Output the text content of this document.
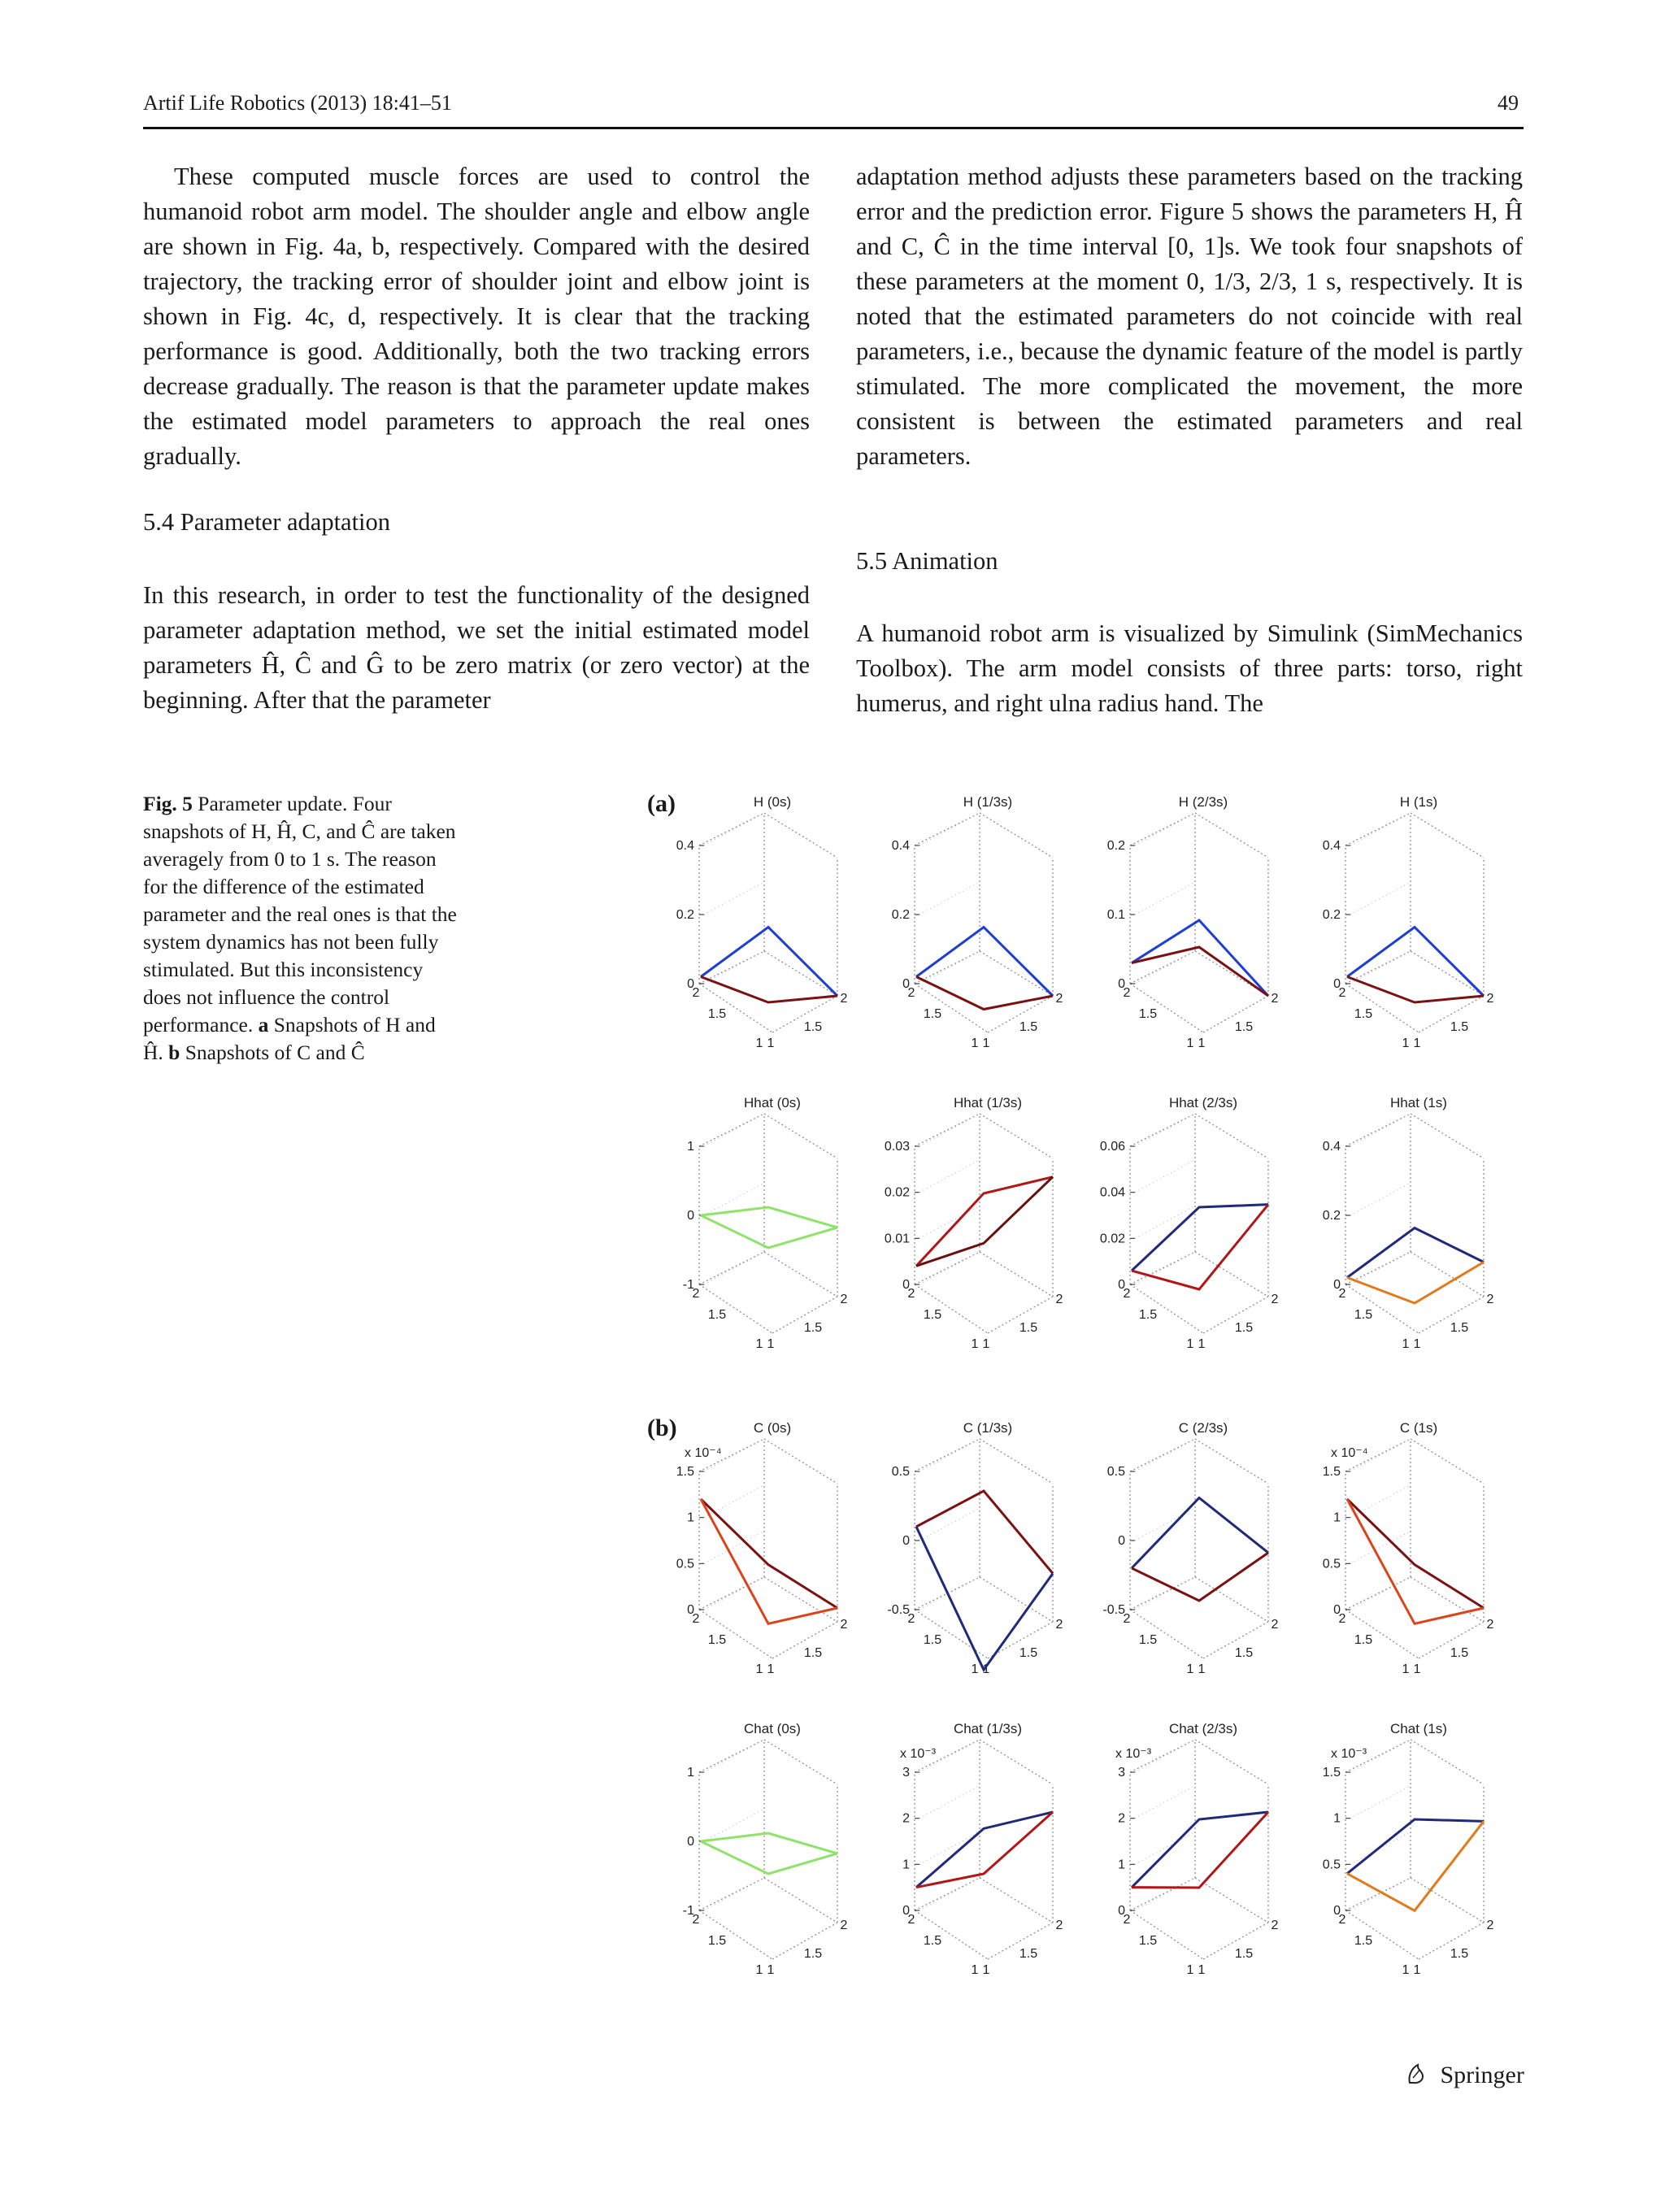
Artif Life Robotics (2013) 18:41–51	49

These computed muscle forces are used to control the humanoid robot arm model. The shoulder angle and elbow angle are shown in Fig. 4a, b, respectively. Compared with the desired trajectory, the tracking error of shoulder joint and elbow joint is shown in Fig. 4c, d, respectively. It is clear that the tracking performance is good. Additionally, both the two tracking errors decrease gradually. The reason is that the parameter update makes the estimated model parameters to approach the real ones gradually.

5.4 Parameter adaptation

In this research, in order to test the functionality of the designed parameter adaptation method, we set the initial estimated model parameters Ĥ, Ĉ and Ĝ to be zero matrix (or zero vector) at the beginning. After that the parameter

adaptation method adjusts these parameters based on the tracking error and the prediction error. Figure 5 shows the parameters H, Ĥ and C, Ĉ in the time interval [0, 1]s. We took four snapshots of these parameters at the moment 0, 1/3, 2/3, 1 s, respectively. It is noted that the estimated parameters do not coincide with real parameters, i.e., because the dynamic feature of the model is partly stimulated. The more complicated the movement, the more consistent is between the estimated parameters and real parameters.

5.5 Animation

A humanoid robot arm is visualized by Simulink (SimMechanics Toolbox). The arm model consists of three parts: torso, right humerus, and right ulna radius hand. The

Fig. 5 Parameter update. Four snapshots of H, Ĥ, C, and Ĉ are taken averagely from 0 to 1 s. The reason for the difference of the estimated parameter and the real ones is that the system dynamics has not been fully stimulated. But this inconsistency does not influence the control performance. a Snapshots of H and Ĥ. b Snapshots of C and Ĉ
(a)
(b)
H (0s)
0
0.2
0.4
2
1.5
1 1
1.5
2
H (1/3s)
0
0.2
0.4
2
1.5
1 1
1.5
2
H (2/3s)
0
0.1
0.2
2
1.5
1 1
1.5
2
H (1s)
0
0.2
0.4
2
1.5
1 1
1.5
2
Hhat (0s)
-1
0
1
2
1.5
1 1
1.5
2
Hhat (1/3s)
0
0.01
0.02
0.03
2
1.5
1 1
1.5
2
Hhat (2/3s)
0
0.02
0.04
0.06
2
1.5
1 1
1.5
2
Hhat (1s)
0
0.2
0.4
2
1.5
1 1
1.5
2
C (0s)
x 10⁻⁴
0
0.5
1
1.5
2
1.5
1 1
1.5
2
C (1/3s)
-0.5
0
0.5
2
1.5
1 1
1.5
2
C (2/3s)
-0.5
0
0.5
2
1.5
1 1
1.5
2
C (1s)
x 10⁻⁴
0
0.5
1
1.5
2
1.5
1 1
1.5
2
Chat (0s)
-1
0
1
2
1.5
1 1
1.5
2
Chat (1/3s)
x 10⁻³
0
1
2
3
2
1.5
1 1
1.5
2
Chat (2/3s)
x 10⁻³
0
1
2
3
2
1.5
1 1
1.5
2
Chat (1s)
x 10⁻³
0
0.5
1
1.5
2
1.5
1 1
1.5
2
Springer
